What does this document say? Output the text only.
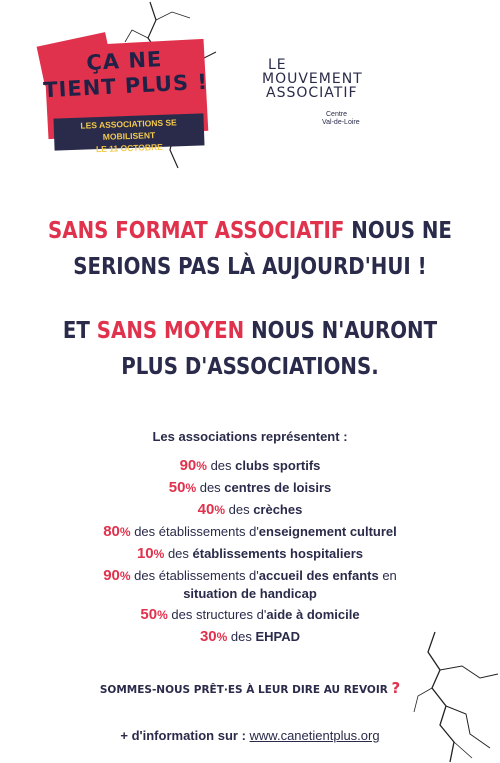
ÇA NE
TIENT PLUS !
LES ASSOCIATIONS SE MOBILISENT
LE 11 OCTOBRE
LE
MOUVEMENT
ASSOCIATIF
Centre
Val-de-Loire
SANS FORMAT ASSOCIATIF NOUS NE
SERIONS PAS LÀ AUJOURD'HUI !
ET SANS MOYEN NOUS N'AURONT
PLUS D'ASSOCIATIONS.
Les associations représentent :
90% des clubs sportifs
50% des centres de loisirs
40% des crèches
80% des établissements d'enseignement culturel
10% des établissements hospitaliers
90% des établissements d'accueil des enfants en
situation de handicap
50% des structures d'aide à domicile
30% des EHPAD
SOMMES-NOUS PRÊT·ES À LEUR DIRE AU REVOIR ?
+ d'information sur : www.canetientplus.org
